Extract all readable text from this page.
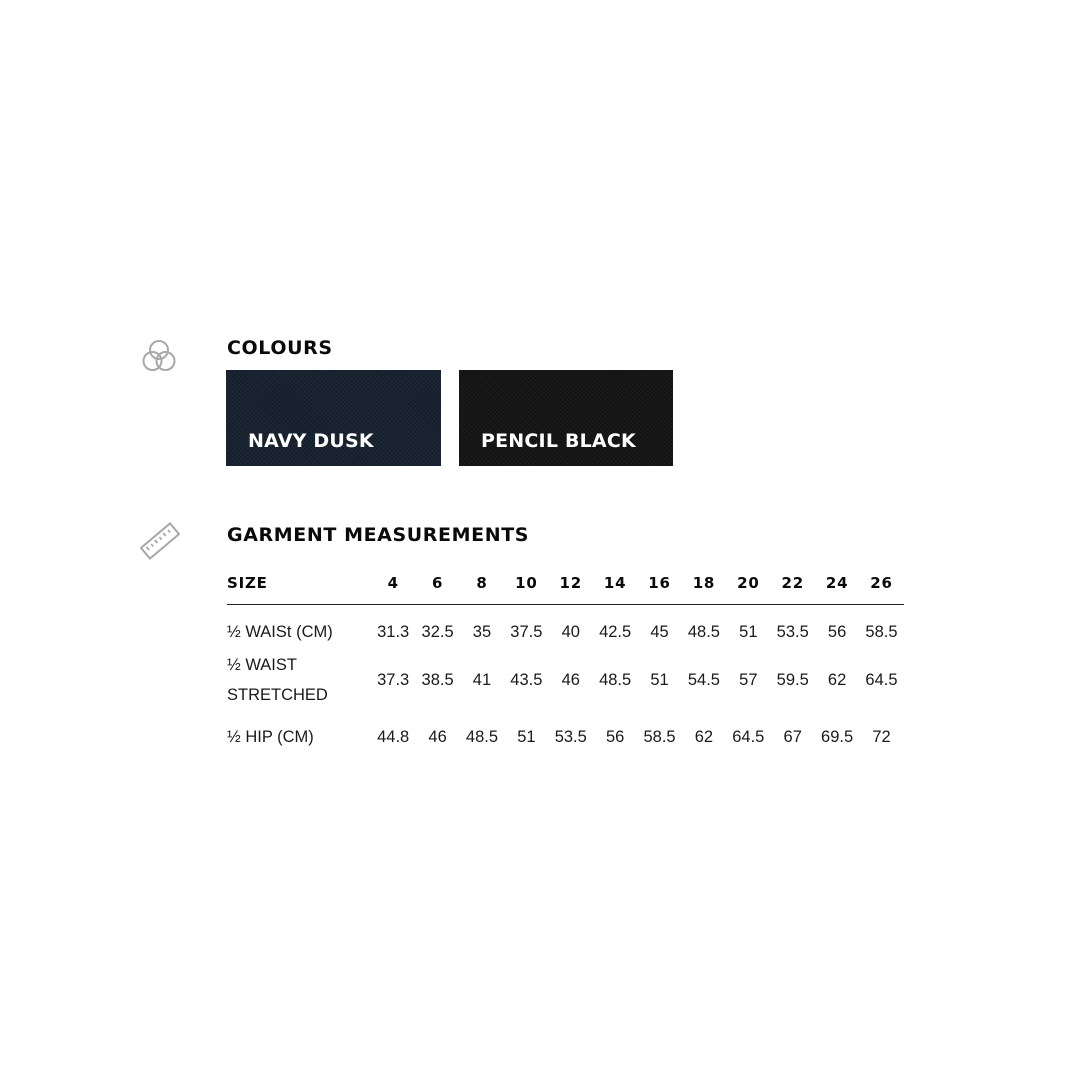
COLOURS
NAVY DUSK	PENCIL BLACK
GARMENT MEASUREMENTS
SIZE	4	6	8	10	12	14	16	18	20	22	24	26

½ WAISt (CM)	31.3	32.5	35	37.5	40	42.5	45	48.5	51	53.5	56	58.5
½ WAIST STRETCHED	37.3	38.5	41	43.5	46	48.5	51	54.5	57	59.5	62	64.5
½ HIP (CM)	44.8	46	48.5	51	53.5	56	58.5	62	64.5	67	69.5	72
